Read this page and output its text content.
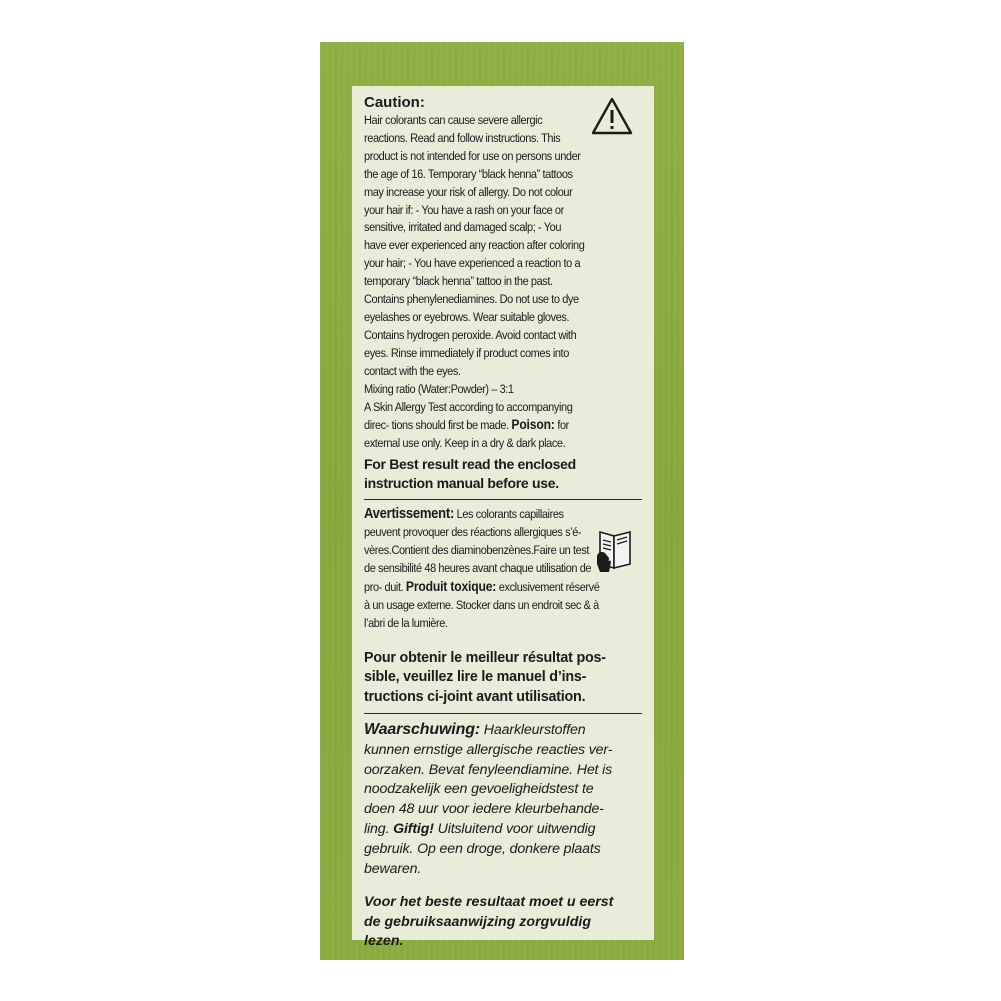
Caution:
Hair colorants can cause severe allergic reactions. Read and follow instructions. This product is not intended for use on persons under the age of 16. Temporary “black henna” tattoos may increase your risk of allergy. Do not colour your hair if: - You have a rash on your face or sensitive, irritated and damaged scalp; - You have ever experienced any reaction after coloring your hair; - You have experienced a reaction to a temporary “black henna” tattoo in the past. Contains phenylenediamines. Do not use to dye eyelashes or eyebrows. Wear suitable gloves. Contains hydrogen peroxide. Avoid contact with eyes. Rinse immediately if product comes into contact with the eyes.
Mixing ratio (Water:Powder) – 3:1
A Skin Allergy Test according to accompanying direc- tions should first be made. Poison: for external use only. Keep in a dry & dark place.
For Best result read the enclosed instruction manual before use.
Avertissement: Les colorants capillaires peuvent provoquer des réactions allergiques s’é- vères.Contient des diaminobenzènes.Faire un test de sensibilité 48 heures avant chaque utilisation de pro- duit. Produit toxique: exclusivement réservé à un usage externe. Stocker dans un endroit sec & à l’abri de la lumière.
Pour obtenir le meilleur résultat pos- sible, veuillez lire le manuel d’ins- tructions ci-joint avant utilisation.
Waarschuwing: Haarkleurstoffen kunnen ernstige allergische reacties ver- oorzaken. Bevat fenyleendiamine. Het is noodzakelijk een gevoeligheidstest te doen 48 uur voor iedere kleurbehande- ling. Giftig! Uitsluitend voor uitwendig gebruik. Op een droge, donkere plaats bewaren.
Voor het beste resultaat moet u eerst de gebruiksaanwijzing zorgvuldig lezen.
